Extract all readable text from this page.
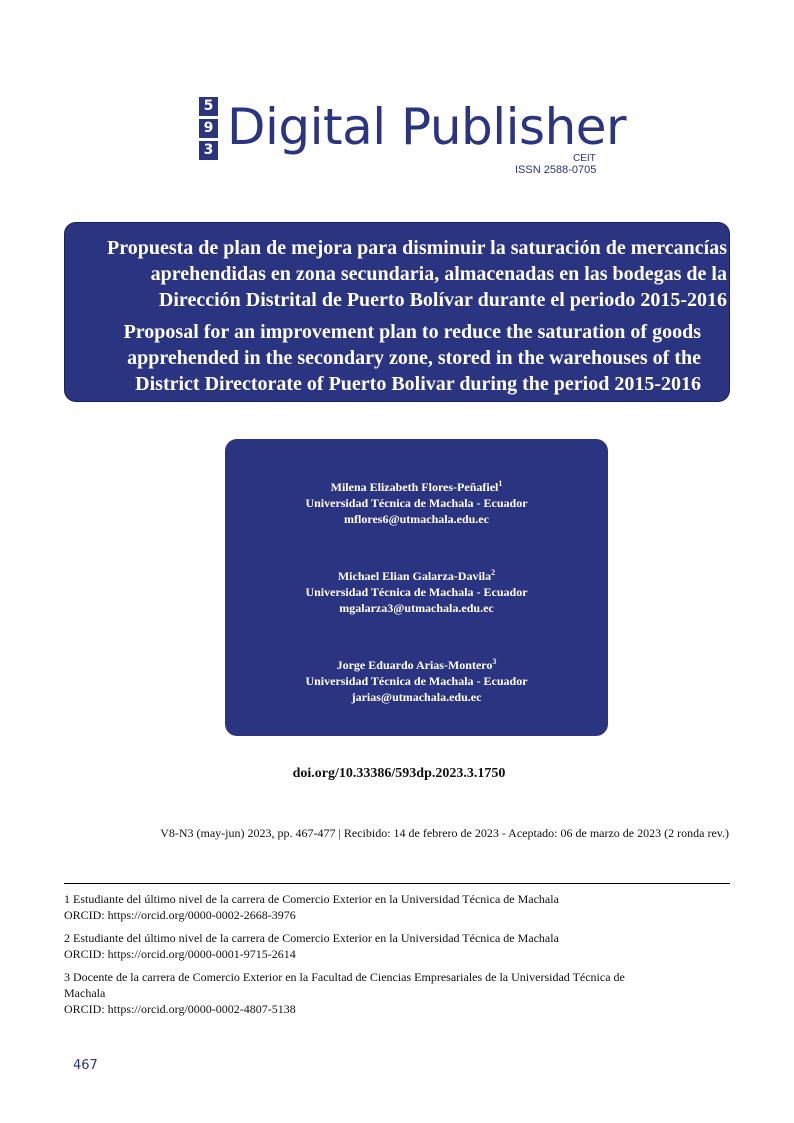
5
9
3 Digital Publisher
CEIT
ISSN 2588-0705
Propuesta de plan de mejora para disminuir la saturación de mercancías
aprehendidas en zona secundaria, almacenadas en las bodegas de la
Dirección Distrital de Puerto Bolívar durante el periodo 2015-2016
Proposal for an improvement plan to reduce the saturation of goods
apprehended in the secondary zone, stored in the warehouses of the
District Directorate of Puerto Bolivar during the period 2015-2016
Milena Elizabeth Flores-Peñafiel$^1$
Universidad Técnica de Machala - Ecuador
mflores6@utmachala.edu.ec
Michael Elian Galarza-Davila$^2$
Universidad Técnica de Machala - Ecuador
mgalarza3@utmachala.edu.ec
Jorge Eduardo Arias-Montero$^3$
Universidad Técnica de Machala - Ecuador
jarias@utmachala.edu.ec
doi.org/10.33386/593dp.2023.3.1750
V8-N3 (may-jun) 2023, pp. 467-477 | Recibido: 14 de febrero de 2023 - Aceptado: 06 de marzo de 2023 (2 ronda rev.)
1 Estudiante del último nivel de la carrera de Comercio Exterior en la Universidad Técnica de Machala
ORCID: https://orcid.org/0000-0002-2668-3976
2 Estudiante del último nivel de la carrera de Comercio Exterior en la Universidad Técnica de Machala
ORCID: https://orcid.org/0000-0001-9715-2614
3 Docente de la carrera de Comercio Exterior en la Facultad de Ciencias Empresariales de la Universidad Técnica de
Machala
ORCID: https://orcid.org/0000-0002-4807-5138
467
